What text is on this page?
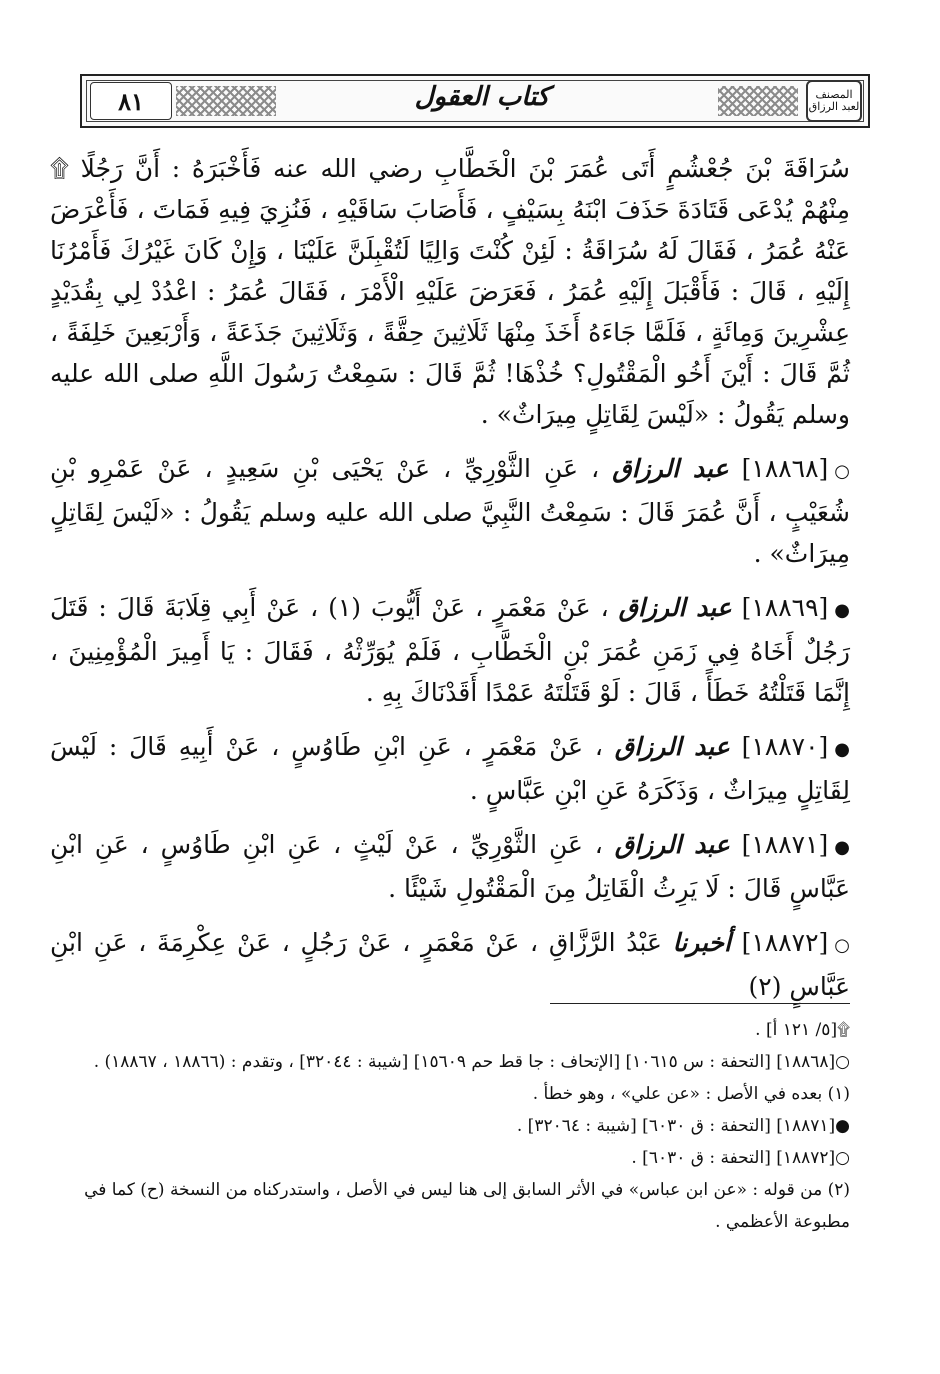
المصنف لعبد الرزاق
كتاب العقول
٨١

سُرَاقَةَ بْنَ جُعْشُمٍ أَتَى عُمَرَ بْنَ الْخَطَّابِ رضي الله عنه فَأَخْبَرَهُ : أَنَّ رَجُلًا ۩ مِنْهُمْ يُدْعَى قَتَادَةَ حَذَفَ ابْنَهُ بِسَيْفٍ ، فَأَصَابَ سَاقَيْهِ ، فَنُزِيَ فِيهِ فَمَاتَ ، فَأَعْرَضَ عَنْهُ عُمَرُ ، فَقَالَ لَهُ سُرَاقَةُ : لَئِنْ كُنْتَ وَالِيًا لَتُقْبِلَنَّ عَلَيْنَا ، وَإِنْ كَانَ غَيْرُكَ فَأَمْرُنَا إِلَيْهِ ، قَالَ : فَأَقْبَلَ إِلَيْهِ عُمَرُ ، فَعَرَضَ عَلَيْهِ الْأَمْرَ ، فَقَالَ عُمَرُ : اعْدُدْ لِي بِقُدَيْدٍ عِشْرِينَ وَمِائَةٍ ، فَلَمَّا جَاءَهُ أَخَذَ مِنْهَا ثَلَاثِينَ حِقَّةً ، وَثَلَاثِينَ جَذَعَةً ، وَأَرْبَعِينَ خَلِفَةً ، ثُمَّ قَالَ : أَيْنَ أَخُو الْمَقْتُولِ؟ خُذْهَا! ثُمَّ قَالَ : سَمِعْتُ رَسُولَ اللَّهِ صلى الله عليه وسلم يَقُولُ : «لَيْسَ لِقَاتِلٍ مِيرَاثٌ» .

○[١٨٨٦٨] عبد الرزاق ، عَنِ الثَّوْرِيِّ ، عَنْ يَحْيَى بْنِ سَعِيدٍ ، عَنْ عَمْرِو بْنِ شُعَيْبٍ ، أَنَّ عُمَرَ قَالَ : سَمِعْتُ النَّبِيَّ صلى الله عليه وسلم يَقُولُ : «لَيْسَ لِقَاتِلٍ مِيرَاثٌ» .

●[١٨٨٦٩] عبد الرزاق ، عَنْ مَعْمَرٍ ، عَنْ أَيُّوبَ (١) ، عَنْ أَبِي قِلَابَةَ قَالَ : قَتَلَ رَجُلٌ أَخَاهُ فِي زَمَنِ عُمَرَ بْنِ الْخَطَّابِ ، فَلَمْ يُوَرِّثْهُ ، فَقَالَ : يَا أَمِيرَ الْمُؤْمِنِينَ ، إِنَّمَا قَتَلْتُهُ خَطَأً ، قَالَ : لَوْ قَتَلْتَهُ عَمْدًا أَقَدْنَاكَ بِهِ .

●[١٨٨٧٠] عبد الرزاق ، عَنْ مَعْمَرٍ ، عَنِ ابْنِ طَاوُسٍ ، عَنْ أَبِيهِ قَالَ : لَيْسَ لِقَاتِلٍ مِيرَاثٌ ، وَذَكَرَهُ عَنِ ابْنِ عَبَّاسٍ .

●[١٨٨٧١] عبد الرزاق ، عَنِ الثَّوْرِيِّ ، عَنْ لَيْثٍ ، عَنِ ابْنِ طَاوُسٍ ، عَنِ ابْنِ عَبَّاسٍ قَالَ : لَا يَرِثُ الْقَاتِلُ مِنَ الْمَقْتُولِ شَيْئًا .

○[١٨٨٧٢] أخبرنا عَبْدُ الرَّزَّاقِ ، عَنْ مَعْمَرٍ ، عَنْ رَجُلٍ ، عَنْ عِكْرِمَةَ ، عَنِ ابْنِ عَبَّاسٍ (٢)

۩[٥/ ١٢١ أ] .

○[١٨٨٦٨] [التحفة : س ١٠٦١٥] [الإتحاف : جا قط حم ١٥٦٠٩] [شيبة : ٣٢٠٤٤] ، وتقدم : (١٨٨٦٦ ، ١٨٨٦٧) .

(١) بعده في الأصل : «عن علي» ، وهو خطأ .

●[١٨٨٧١] [التحفة : ق ٦٠٣٠] [شيبة : ٣٢٠٦٤] .

○[١٨٨٧٢] [التحفة : ق ٦٠٣٠] .

(٢) من قوله : «عن ابن عباس» في الأثر السابق إلى هنا ليس في الأصل ، واستدركناه من النسخة (ح) كما في مطبوعة الأعظمي .
